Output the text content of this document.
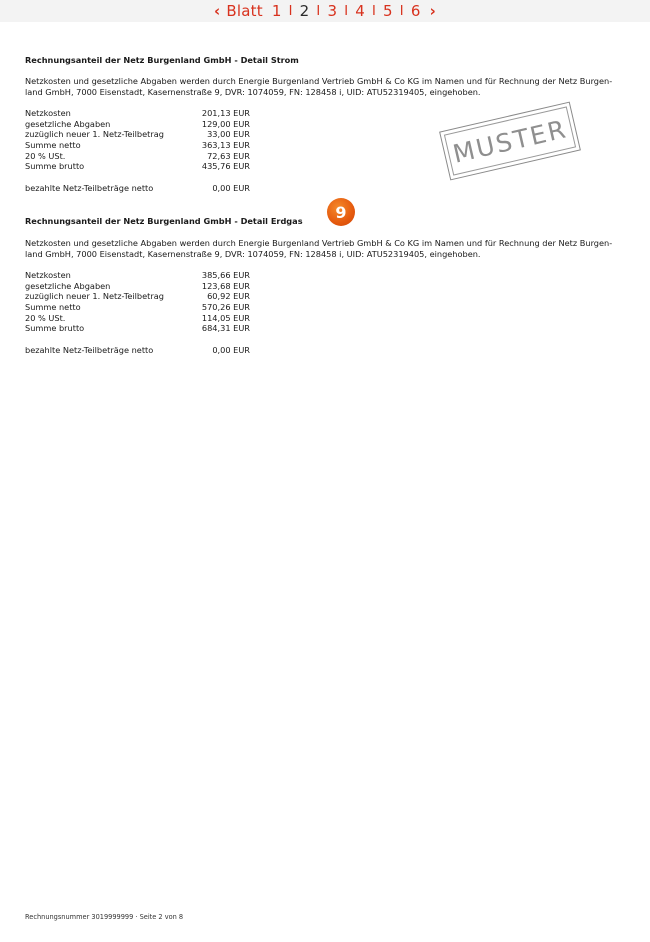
‹ Blatt 1 I 2 I 3 I 4 I 5 I 6 ›
Rechnungsanteil der Netz Burgenland GmbH - Detail Strom
Netzkosten und gesetzliche Abgaben werden durch Energie Burgenland Vertrieb GmbH & Co KG im Namen und für Rechnung der Netz Burgen-
land GmbH, 7000 Eisenstadt, Kasernenstraße 9, DVR: 1074059, FN: 128458 i, UID: ATU52319405, eingehoben.
Netzkosten	201,13 EUR
gesetzliche Abgaben	129,00 EUR
zuzüglich neuer 1. Netz-Teilbetrag	33,00 EUR
Summe netto	363,13 EUR
20 % USt.	72,63 EUR
Summe brutto	435,76 EUR
bezahlte Netz-Teilbeträge netto	0,00 EUR
MUSTER
9
Rechnungsanteil der Netz Burgenland GmbH - Detail Erdgas
Netzkosten und gesetzliche Abgaben werden durch Energie Burgenland Vertrieb GmbH & Co KG im Namen und für Rechnung der Netz Burgen-
land GmbH, 7000 Eisenstadt, Kasernenstraße 9, DVR: 1074059, FN: 128458 i, UID: ATU52319405, eingehoben.
Netzkosten	385,66 EUR
gesetzliche Abgaben	123,68 EUR
zuzüglich neuer 1. Netz-Teilbetrag	60,92 EUR
Summe netto	570,26 EUR
20 % USt.	114,05 EUR
Summe brutto	684,31 EUR
bezahlte Netz-Teilbeträge netto	0,00 EUR
Rechnungsnummer 3019999999 · Seite 2 von 8
